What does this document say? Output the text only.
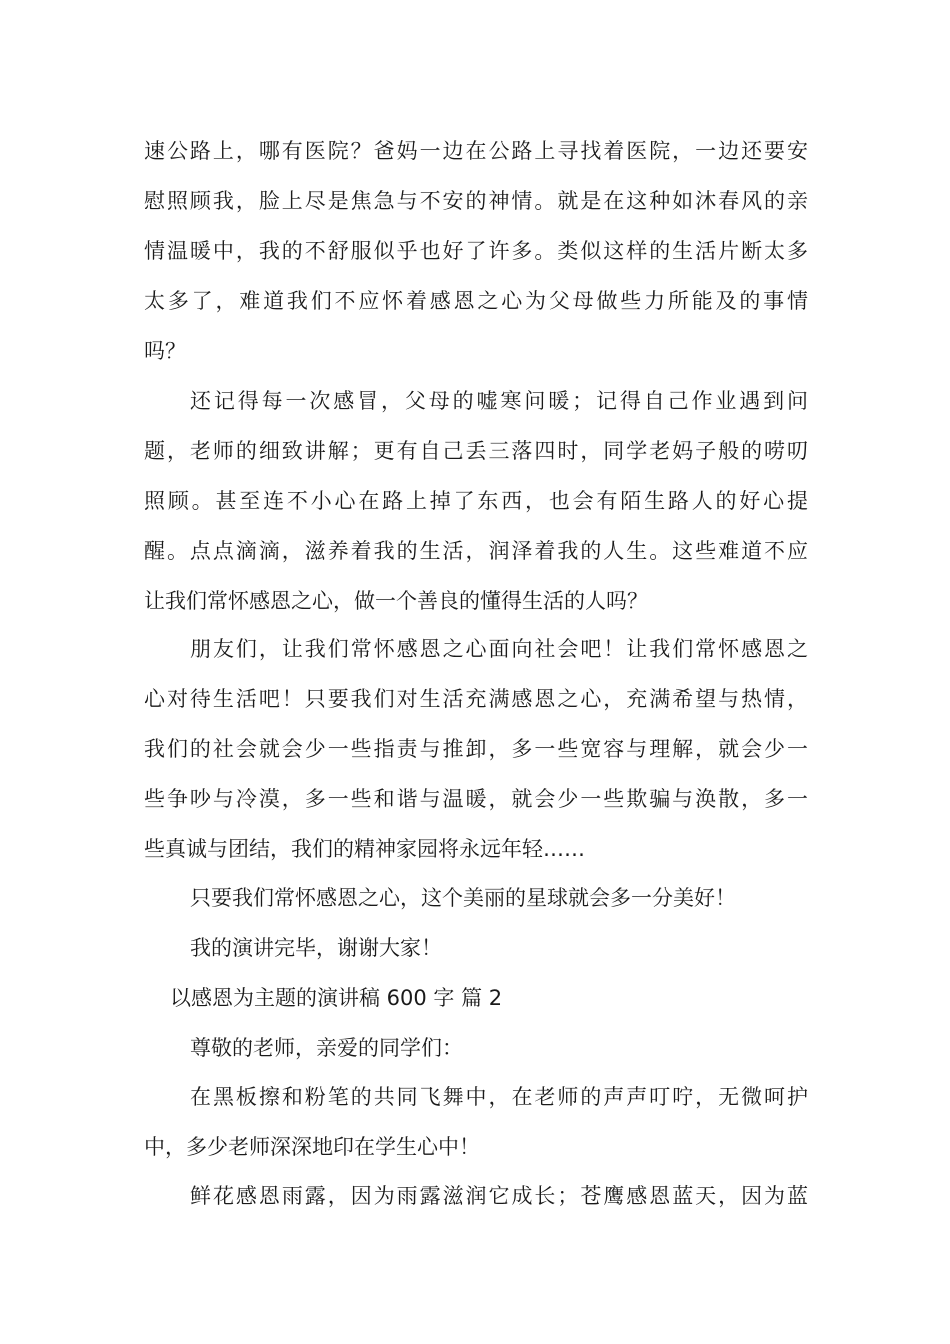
速公路上，哪有医院？爸妈一边在公路上寻找着医院，一边还要安
慰照顾我，脸上尽是焦急与不安的神情。就是在这种如沐春风的亲
情温暖中，我的不舒服似乎也好了许多。类似这样的生活片断太多
太多了，难道我们不应怀着感恩之心为父母做些力所能及的事情
吗？
还记得每一次感冒，父母的嘘寒问暖；记得自己作业遇到问
题，老师的细致讲解；更有自己丢三落四时，同学老妈子般的唠叨
照顾。甚至连不小心在路上掉了东西，也会有陌生路人的好心提
醒。点点滴滴，滋养着我的生活，润泽着我的人生。这些难道不应
让我们常怀感恩之心，做一个善良的懂得生活的人吗？
朋友们，让我们常怀感恩之心面向社会吧！让我们常怀感恩之
心对待生活吧！只要我们对生活充满感恩之心，充满希望与热情，
我们的社会就会少一些指责与推卸，多一些宽容与理解，就会少一
些争吵与冷漠，多一些和谐与温暖，就会少一些欺骗与涣散，多一
些真诚与团结，我们的精神家园将永远年轻……
只要我们常怀感恩之心，这个美丽的星球就会多一分美好！
我的演讲完毕，谢谢大家！
以感恩为主题的演讲稿 600 字 篇 2
尊敬的老师，亲爱的同学们：
在黑板擦和粉笔的共同飞舞中，在老师的声声叮咛，无微呵护
中，多少老师深深地印在学生心中！
鲜花感恩雨露，因为雨露滋润它成长；苍鹰感恩蓝天，因为蓝
